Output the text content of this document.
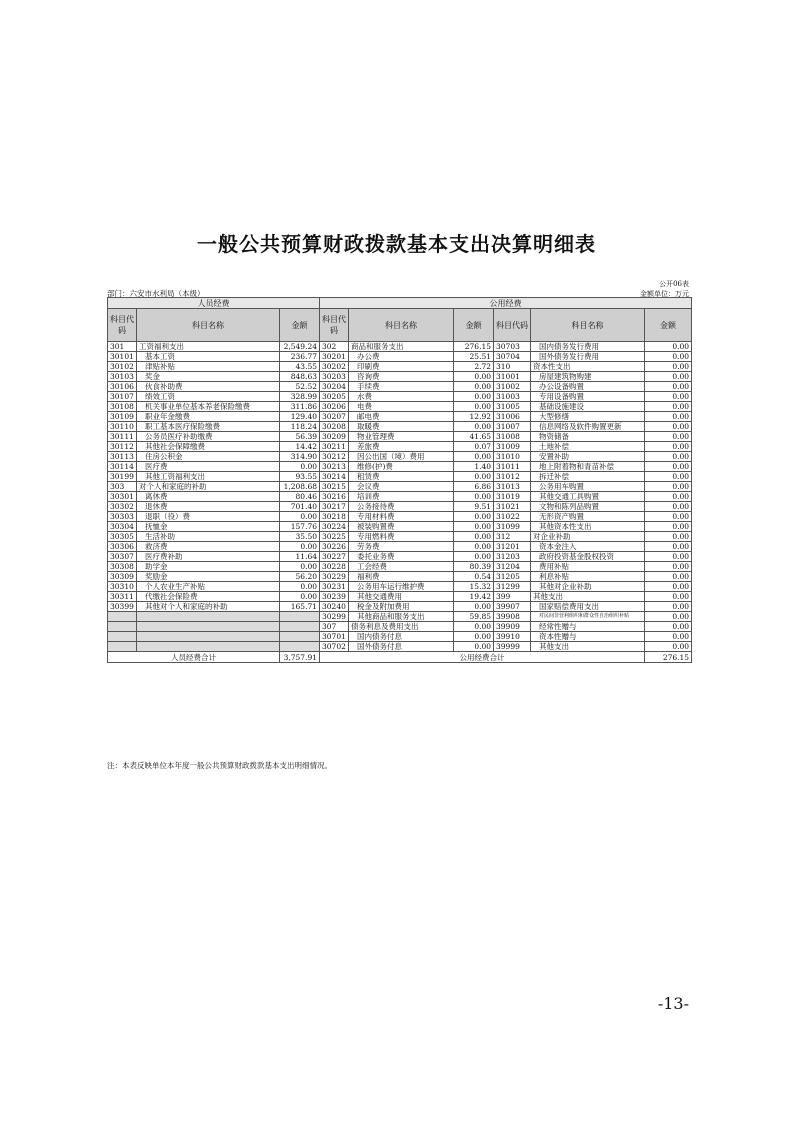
一般公共预算财政拨款基本支出决算明细表
公开06表
部门：六安市水利局（本级）	金额单位：万元
人员经费			公用经费					
科目代码	科目名称	金额	科目代码	科目名称	金额	科目代码	科目名称	金额
301	工资福利支出	2,549.24	302	商品和服务支出	276.15	30703	国内债务发行费用	0.00
30101	基本工资	236.77	30201	办公费	25.51	30704	国外债务发行费用	0.00
30102	津贴补贴	43.55	30202	印刷费	2.72	310	资本性支出	0.00
30103	奖金	848.63	30203	咨询费	0.00	31001	房屋建筑物购建	0.00
30106	伙食补助费	52.52	30204	手续费	0.00	31002	办公设备购置	0.00
30107	绩效工资	328.99	30205	水费	0.00	31003	专用设备购置	0.00
30108	机关事业单位基本养老保险缴费	311.86	30206	电费	0.00	31005	基础设施建设	0.00
30109	职业年金缴费	129.40	30207	邮电费	12.92	31006	大型修缮	0.00
30110	职工基本医疗保险缴费	118.24	30208	取暖费	0.00	31007	信息网络及软件购置更新	0.00
30111	公务员医疗补助缴费	56.39	30209	物业管理费	41.65	31008	物资储备	0.00
30112	其他社会保障缴费	14.42	30211	差旅费	0.07	31009	土地补偿	0.00
30113	住房公积金	314.90	30212	因公出国（境）费用	0.00	31010	安置补助	0.00
30114	医疗费	0.00	30213	维修(护)费	1.40	31011	地上附着物和青苗补偿	0.00
30199	其他工资福利支出	93.55	30214	租赁费	0.00	31012	拆迁补偿	0.00
303	对个人和家庭的补助	1,208.68	30215	会议费	6.86	31013	公务用车购置	0.00
30301	离休费	80.46	30216	培训费	0.00	31019	其他交通工具购置	0.00
30302	退休费	701.40	30217	公务接待费	9.51	31021	文物和陈列品购置	0.00
30303	退职（役）费	0.00	30218	专用材料费	0.00	31022	无形资产购置	0.00
30304	抚恤金	157.76	30224	被装购置费	0.00	31099	其他资本性支出	0.00
30305	生活补助	35.50	30225	专用燃料费	0.00	312	对企业补助	0.00
30306	救济费	0.00	30226	劳务费	0.00	31201	资本金注入	0.00
30307	医疗费补助	11.64	30227	委托业务费	0.00	31203	政府投资基金股权投资	0.00
30308	助学金	0.00	30228	工会经费	80.39	31204	费用补贴	0.00
30309	奖励金	56.20	30229	福利费	0.54	31205	利息补贴	0.00
30310	个人农业生产补贴	0.00	30231	公务用车运行维护费	15.32	31299	其他对企业补助	0.00
30311	代缴社会保险费	0.00	30239	其他交通费用	19.42	399	其他支出	0.00
30399	其他对个人和家庭的补助	165.71	30240	税金及附加费用	0.00	39907	国家赔偿费用支出	0.00
			30299	其他商品和服务支出	59.85	39908	对民间非营利组织和群众性自治组织补贴	0.00
			307	债务利息及费用支出	0.00	39909	经常性赠与	0.00
			30701	国内债务付息	0.00	39910	资本性赠与	0.00
			30702	国外债务付息	0.00	39999	其他支出	0.00
人员经费合计		3,757.91	公用经费合计					276.15
注：本表反映单位本年度一般公共预算财政拨款基本支出明细情况。
-13-
